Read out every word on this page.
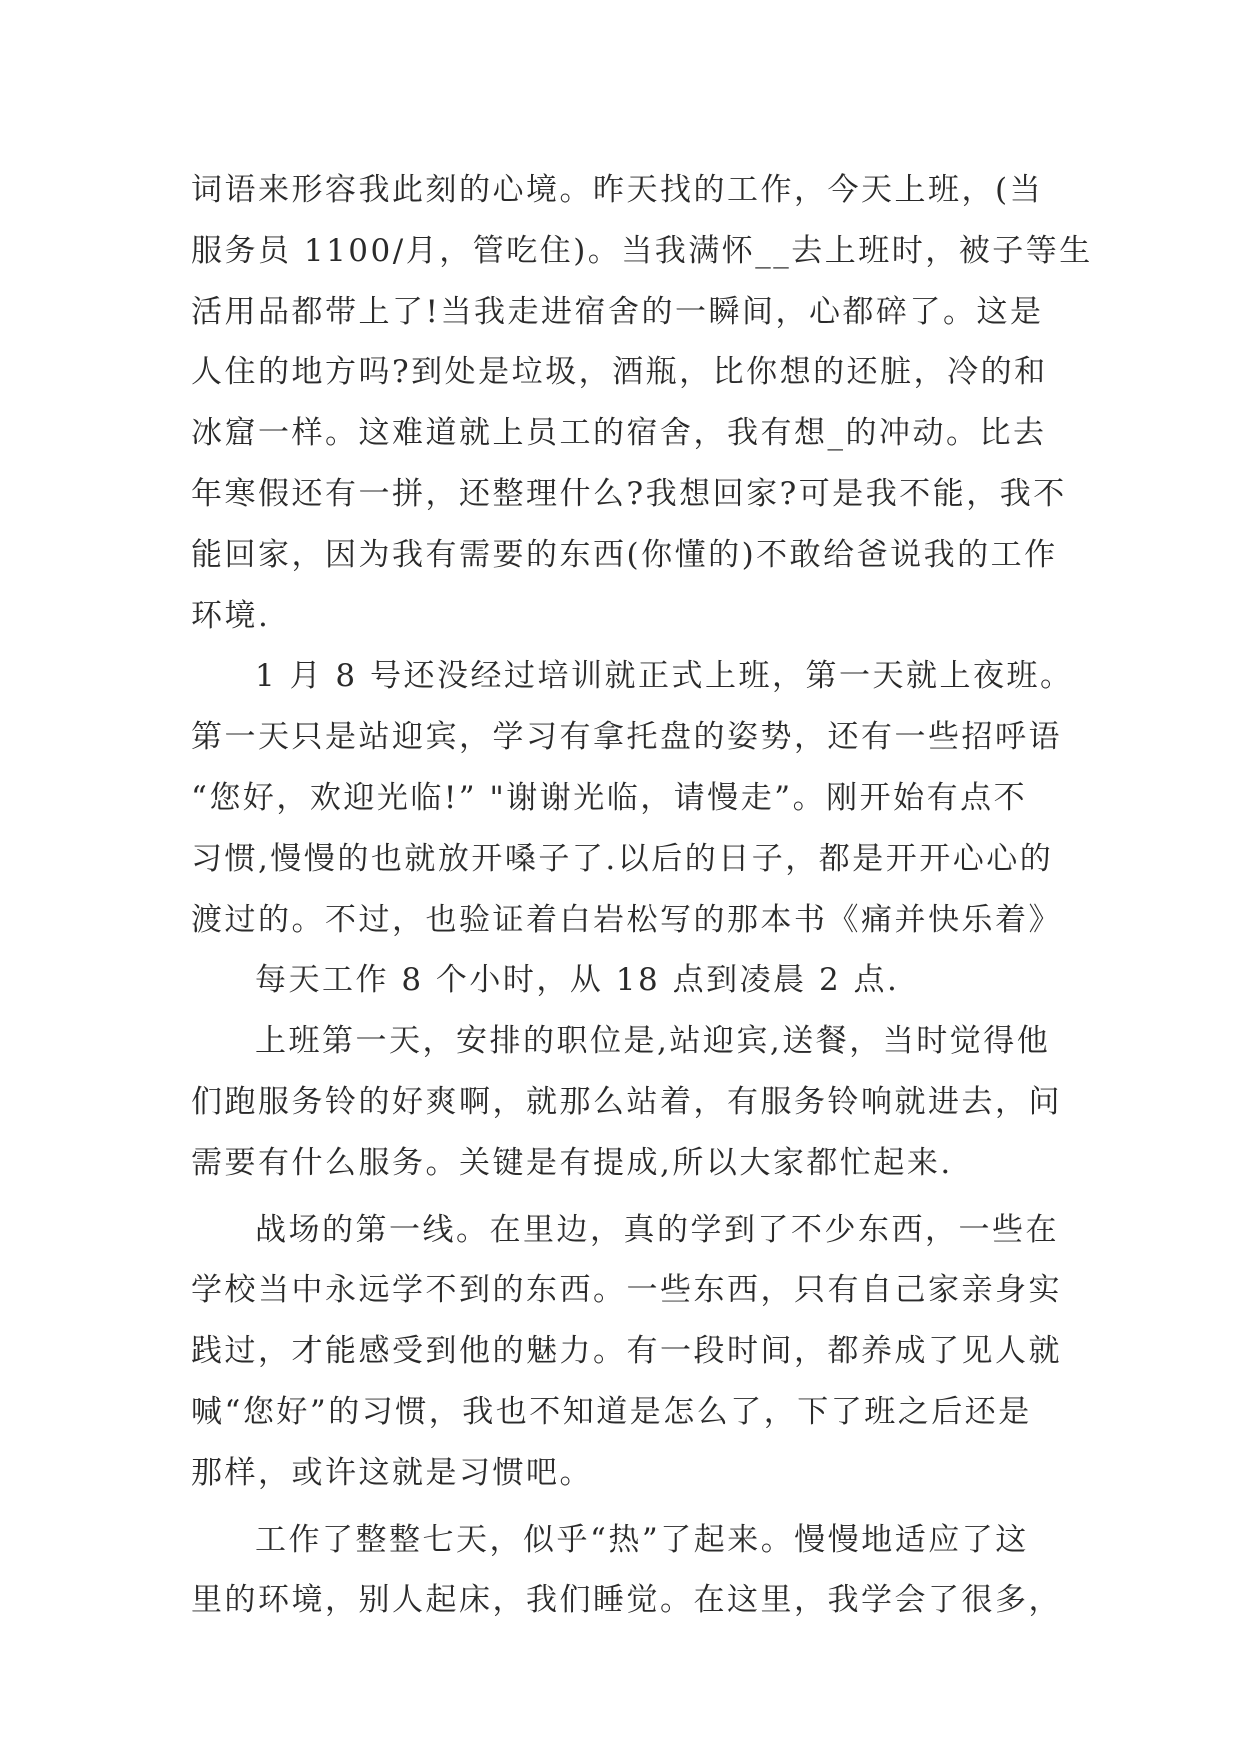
词语来形容我此刻的心境。昨天找的工作，今天上班，(当
服务员 1100/月，管吃住)。当我满怀__去上班时，被子等生
活用品都带上了!当我走进宿舍的一瞬间，心都碎了。这是
人住的地方吗?到处是垃圾，酒瓶，比你想的还脏，冷的和
冰窟一样。这难道就上员工的宿舍，我有想_的冲动。比去
年寒假还有一拼，还整理什么?我想回家?可是我不能，我不
能回家，因为我有需要的东西(你懂的)不敢给爸说我的工作
环境.
1 月 8 号还没经过培训就正式上班，第一天就上夜班。
第一天只是站迎宾，学习有拿托盘的姿势，还有一些招呼语
“您好，欢迎光临!” "谢谢光临，请慢走”。刚开始有点不
习惯,慢慢的也就放开嗓子了.以后的日子，都是开开心心的
渡过的。不过，也验证着白岩松写的那本书《痛并快乐着》
每天工作 8 个小时，从 18 点到凌晨 2 点.
上班第一天，安排的职位是,站迎宾,送餐，当时觉得他
们跑服务铃的好爽啊，就那么站着，有服务铃响就进去，问
需要有什么服务。关键是有提成,所以大家都忙起来.
战场的第一线。在里边，真的学到了不少东西，一些在
学校当中永远学不到的东西。一些东西，只有自己家亲身实
践过，才能感受到他的魅力。有一段时间，都养成了见人就
喊“您好”的习惯，我也不知道是怎么了，下了班之后还是
那样，或许这就是习惯吧。
工作了整整七天，似乎“热”了起来。慢慢地适应了这
里的环境，别人起床，我们睡觉。在这里，我学会了很多，
